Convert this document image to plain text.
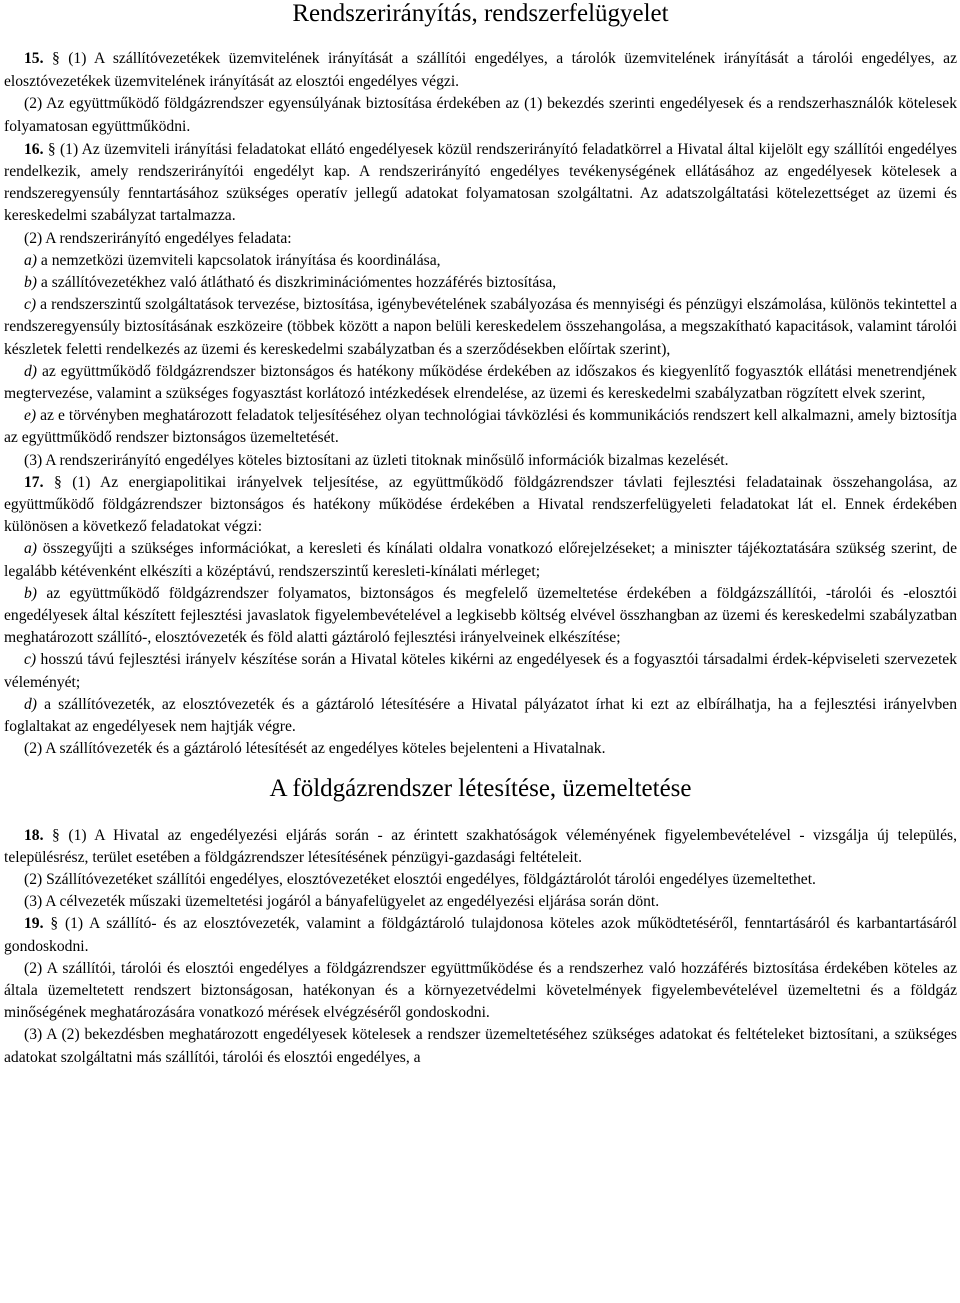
Rendszerirányítás, rendszerfelügyelet

15. § (1) A szállítóvezetékek üzemvitelének irányítását a szállítói engedélyes, a tárolók üzemvitelének irányítását a tárolói engedélyes, az elosztóvezetékek üzemvitelének irányítását az elosztói engedélyes végzi.

(2) Az együttműködő földgázrendszer egyensúlyának biztosítása érdekében az (1) bekezdés szerinti engedélyesek és a rendszerhasználók kötelesek folyamatosan együttműködni.

16. § (1) Az üzemviteli irányítási feladatokat ellátó engedélyesek közül rendszerirányító feladatkörrel a Hivatal által kijelölt egy szállítói engedélyes rendelkezik, amely rendszerirányítói engedélyt kap. A rendszerirányító engedélyes tevékenységének ellátásához az engedélyesek kötelesek a rendszeregyensúly fenntartásához szükséges operatív jellegű adatokat folyamatosan szolgáltatni. Az adatszolgáltatási kötelezettséget az üzemi és kereskedelmi szabályzat tartalmazza.

(2) A rendszerirányító engedélyes feladata:

a) a nemzetközi üzemviteli kapcsolatok irányítása és koordinálása,

b) a szállítóvezetékhez való átlátható és diszkriminációmentes hozzáférés biztosítása,

c) a rendszerszintű szolgáltatások tervezése, biztosítása, igénybevételének szabályozása és mennyiségi és pénzügyi elszámolása, különös tekintettel a rendszeregyensúly biztosításának eszközeire (többek között a napon belüli kereskedelem összehangolása, a megszakítható kapacitások, valamint tárolói készletek feletti rendelkezés az üzemi és kereskedelmi szabályzatban és a szerződésekben előírtak szerint),

d) az együttműködő földgázrendszer biztonságos és hatékony működése érdekében az időszakos és kiegyenlítő fogyasztók ellátási menetrendjének megtervezése, valamint a szükséges fogyasztást korlátozó intézkedések elrendelése, az üzemi és kereskedelmi szabályzatban rögzített elvek szerint,

e) az e törvényben meghatározott feladatok teljesítéséhez olyan technológiai távközlési és kommunikációs rendszert kell alkalmazni, amely biztosítja az együttműködő rendszer biztonságos üzemeltetését.

(3) A rendszerirányító engedélyes köteles biztosítani az üzleti titoknak minősülő információk bizalmas kezelését.

17. § (1) Az energiapolitikai irányelvek teljesítése, az együttműködő földgázrendszer távlati fejlesztési feladatainak összehangolása, az együttműködő földgázrendszer biztonságos és hatékony működése érdekében a Hivatal rendszerfelügyeleti feladatokat lát el. Ennek érdekében különösen a következő feladatokat végzi:

a) összegyűjti a szükséges információkat, a keresleti és kínálati oldalra vonatkozó előrejelzéseket; a miniszter tájékoztatására szükség szerint, de legalább kétévenként elkészíti a középtávú, rendszerszintű keresleti-kínálati mérleget;

b) az együttműködő földgázrendszer folyamatos, biztonságos és megfelelő üzemeltetése érdekében a földgázszállítói, -tárolói és -elosztói engedélyesek által készített fejlesztési javaslatok figyelembevételével a legkisebb költség elvével összhangban az üzemi és kereskedelmi szabályzatban meghatározott szállító-, elosztóvezeték és föld alatti gáztároló fejlesztési irányelveinek elkészítése;

c) hosszú távú fejlesztési irányelv készítése során a Hivatal köteles kikérni az engedélyesek és a fogyasztói társadalmi érdek-képviseleti szervezetek véleményét;

d) a szállítóvezeték, az elosztóvezeték és a gáztároló létesítésére a Hivatal pályázatot írhat ki ezt az elbírálhatja, ha a fejlesztési irányelvben foglaltakat az engedélyesek nem hajtják végre.

(2) A szállítóvezeték és a gáztároló létesítését az engedélyes köteles bejelenteni a Hivatalnak.

A földgázrendszer létesítése, üzemeltetése

18. § (1) A Hivatal az engedélyezési eljárás során - az érintett szakhatóságok véleményének figyelembevételével - vizsgálja új település, településrész, terület esetében a földgázrendszer létesítésének pénzügyi-gazdasági feltételeit.

(2) Szállítóvezetéket szállítói engedélyes, elosztóvezetéket elosztói engedélyes, földgáztárolót tárolói engedélyes üzemeltethet.

(3) A célvezeték műszaki üzemeltetési jogáról a bányafelügyelet az engedélyezési eljárása során dönt.

19. § (1) A szállító- és az elosztóvezeték, valamint a földgáztároló tulajdonosa köteles azok működtetéséről, fenntartásáról és karbantartásáról gondoskodni.

(2) A szállítói, tárolói és elosztói engedélyes a földgázrendszer együttműködése és a rendszerhez való hozzáférés biztosítása érdekében köteles az általa üzemeltetett rendszert biztonságosan, hatékonyan és a környezetvédelmi követelmények figyelembevételével üzemeltetni és a földgáz minőségének meghatározására vonatkozó mérések elvégzéséről gondoskodni.

(3) A (2) bekezdésben meghatározott engedélyesek kötelesek a rendszer üzemeltetéséhez szükséges adatokat és feltételeket biztosítani, a szükséges adatokat szolgáltatni más szállítói, tárolói és elosztói engedélyes, a
